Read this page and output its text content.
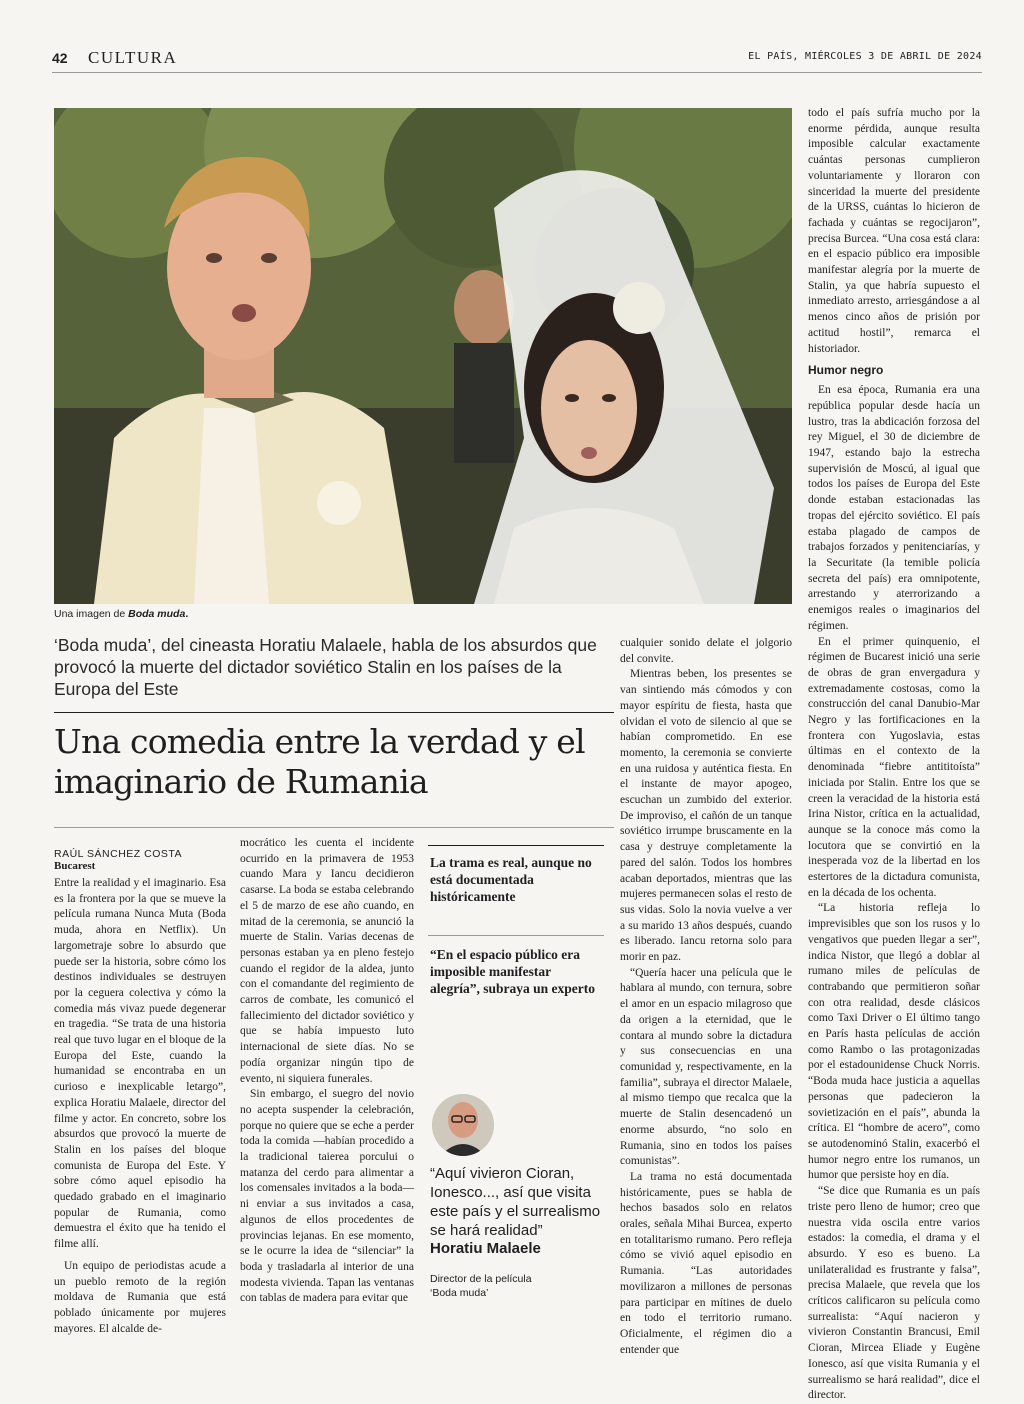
42 CULTURA	EL PAÍS, MIÉRCOLES 3 DE ABRIL DE 2024
Una imagen de Boda muda.
‘Boda muda’, del cineasta Horatiu Malaele, habla de los absurdos que provocó la muerte del dictador soviético Stalin en los países de la Europa del Este
Una comedia entre la verdad y el imaginario de Rumania
RAÚL SÁNCHEZ COSTA
Bucarest

Entre la realidad y el imaginario. Esa es la frontera por la que se mueve la película rumana Nunca Muta (Boda muda, ahora en Netflix). Un largometraje sobre lo absurdo que puede ser la historia, sobre cómo los destinos individuales se destruyen por la ceguera colectiva y cómo la comedia más vivaz puede degenerar en tragedia. “Se trata de una historia real que tuvo lugar en el bloque de la Europa del Este, cuando la humanidad se encontraba en un curioso e inexplicable letargo”, explica Horatiu Malaele, director del filme y actor. En concreto, sobre los absurdos que provocó la muerte de Stalin en los países del bloque comunista de Europa del Este. Y sobre cómo aquel episodio ha quedado grabado en el imaginario popular de Rumania, como demuestra el éxito que ha tenido el filme allí.

Un equipo de periodistas acude a un pueblo remoto de la región moldava de Rumania que está poblado únicamente por mujeres mayores. El alcalde de-

mocrático les cuenta el incidente ocurrido en la primavera de 1953 cuando Mara y Iancu decidieron casarse. La boda se estaba celebrando el 5 de marzo de ese año cuando, en mitad de la ceremonia, se anunció la muerte de Stalin. Varias decenas de personas estaban ya en pleno festejo cuando el regidor de la aldea, junto con el comandante del regimiento de carros de combate, les comunicó el fallecimiento del dictador soviético y que se había impuesto luto internacional de siete días. No se podía organizar ningún tipo de evento, ni siquiera funerales.

Sin embargo, el suegro del novio no acepta suspender la celebración, porque no quiere que se eche a perder toda la comida —habían procedido a la tradicional taierea porcului o matanza del cerdo para alimentar a los comensales invitados a la boda— ni enviar a sus invitados a casa, algunos de ellos procedentes de provincias lejanas. En ese momento, se le ocurre la idea de “silenciar” la boda y trasladarla al interior de una modesta vivienda. Tapan las ventanas con tablas de madera para evitar que

La trama es real, aunque no está documentada históricamente
“En el espacio público era imposible manifestar alegría”, subraya un experto
“Aquí vivieron Cioran, Ionesco..., así que visita este país y el surrealismo se hará realidad”
Horatiu Malaele
Director de la película ‘Boda muda’

cualquier sonido delate el jolgorio del convite.

Mientras beben, los presentes se van sintiendo más cómodos y con mayor espíritu de fiesta, hasta que olvidan el voto de silencio al que se habían comprometido. En ese momento, la ceremonia se convierte en una ruidosa y auténtica fiesta. En el instante de mayor apogeo, escuchan un zumbido del exterior. De improviso, el cañón de un tanque soviético irrumpe bruscamente en la casa y destruye completamente la pared del salón. Todos los hombres acaban deportados, mientras que las mujeres permanecen solas el resto de sus vidas. Solo la novia vuelve a ver a su marido 13 años después, cuando es liberado. Iancu retorna solo para morir en paz.

“Quería hacer una película que le hablara al mundo, con ternura, sobre el amor en un espacio milagroso que da origen a la eternidad, que le contara al mundo sobre la dictadura y sus consecuencias en una comunidad y, respectivamente, en la familia”, subraya el director Malaele, al mismo tiempo que recalca que la muerte de Stalin desencadenó un enorme absurdo, “no solo en Rumania, sino en todos los países comunistas”.

La trama no está documentada históricamente, pues se habla de hechos basados solo en relatos orales, señala Mihai Burcea, experto en totalitarismo rumano. Pero refleja cómo se vivió aquel episodio en Rumania. “Las autoridades movilizaron a millones de personas para participar en mítines de duelo en todo el territorio rumano. Oficialmente, el régimen dio a entender que

todo el país sufría mucho por la enorme pérdida, aunque resulta imposible calcular exactamente cuántas personas cumplieron voluntariamente y lloraron con sinceridad la muerte del presidente de la URSS, cuántas lo hicieron de fachada y cuántas se regocijaron”, precisa Burcea. “Una cosa está clara: en el espacio público era imposible manifestar alegría por la muerte de Stalin, ya que habría supuesto el inmediato arresto, arriesgándose a al menos cinco años de prisión por actitud hostil”, remarca el historiador.

Humor negro

En esa época, Rumania era una república popular desde hacía un lustro, tras la abdicación forzosa del rey Miguel, el 30 de diciembre de 1947, estando bajo la estrecha supervisión de Moscú, al igual que todos los países de Europa del Este donde estaban estacionadas las tropas del ejército soviético. El país estaba plagado de campos de trabajos forzados y penitenciarías, y la Securitate (la temible policía secreta del país) era omnipotente, arrestando y aterrorizando a enemigos reales o imaginarios del régimen.

En el primer quinquenio, el régimen de Bucarest inició una serie de obras de gran envergadura y extremadamente costosas, como la construcción del canal Danubio-Mar Negro y las fortificaciones en la frontera con Yugoslavia, estas últimas en el contexto de la denominada “fiebre antititoísta” iniciada por Stalin. Entre los que se creen la veracidad de la historia está Irina Nistor, crítica en la actualidad, aunque se la conoce más como la locutora que se convirtió en la inesperada voz de la libertad en los estertores de la dictadura comunista, en la década de los ochenta.

“La historia refleja lo imprevisibles que son los rusos y lo vengativos que pueden llegar a ser”, indica Nistor, que llegó a doblar al rumano miles de películas de contrabando que permitieron soñar con otra realidad, desde clásicos como Taxi Driver o El último tango en París hasta películas de acción como Rambo o las protagonizadas por el estadounidense Chuck Norris. “Boda muda hace justicia a aquellas personas que padecieron la sovietización en el país”, abunda la crítica. El “hombre de acero”, como se autodenominó Stalin, exacerbó el humor negro entre los rumanos, un humor que persiste hoy en día.

“Se dice que Rumania es un país triste pero lleno de humor; creo que nuestra vida oscila entre varios estados: la comedia, el drama y el absurdo. Y eso es bueno. La unilateralidad es frustrante y falsa”, precisa Malaele, que revela que los críticos calificaron su película como surrealista: “Aquí nacieron y vivieron Constantin Brancusi, Emil Cioran, Mircea Eliade y Eugène Ionesco, así que visita Rumania y el surrealismo se hará realidad”, dice el director.
